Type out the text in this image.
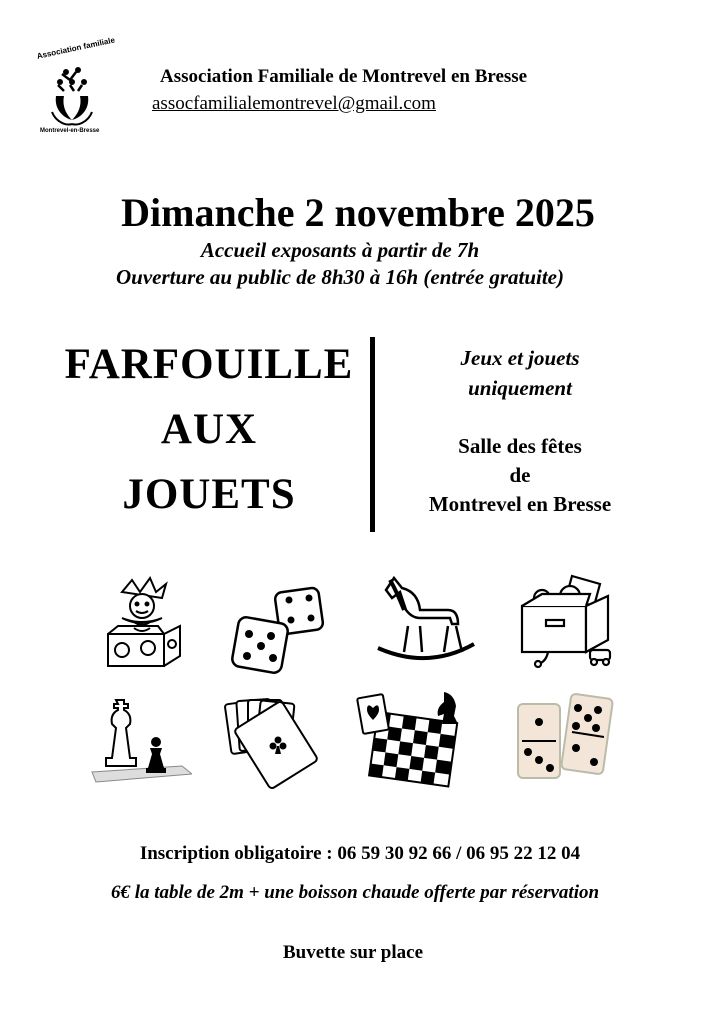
Association familiale
Montrevel-en-Bresse
Association Familiale de Montrevel en Bresse
assocfamilialemontrevel@gmail.com
Dimanche 2 novembre 2025
Accueil exposants à partir de 7h
Ouverture au public de 8h30 à 16h (entrée gratuite)
FARFOUILLE
AUX
JOUETS
Jeux et jouets
uniquement
Salle des fêtes
de
Montrevel en Bresse
Inscription obligatoire : 06 59 30 92 66 / 06 95 22 12 04
6€ la table de 2m + une boisson chaude offerte par réservation
Buvette sur place
